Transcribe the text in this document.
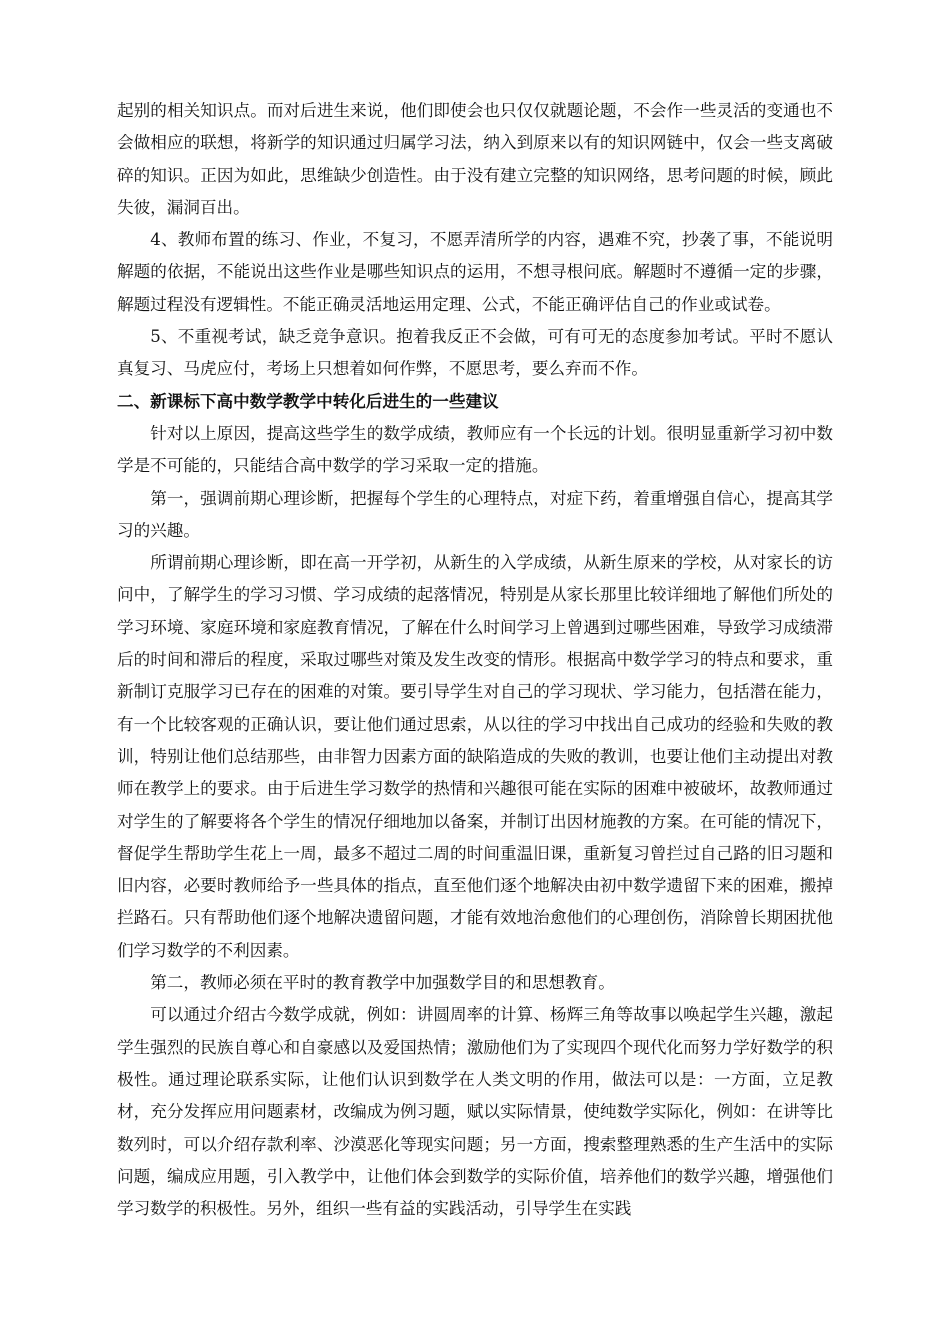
起别的相关知识点。而对后进生来说，他们即使会也只仅仅就题论题，不会作一些灵活的变通也不会做相应的联想，将新学的知识通过归属学习法，纳入到原来以有的知识网链中，仅会一些支离破碎的知识。正因为如此，思维缺少创造性。由于没有建立完整的知识网络，思考问题的时候，顾此失彼，漏洞百出。

4、教师布置的练习、作业，不复习，不愿弄清所学的内容，遇难不究，抄袭了事，不能说明解题的依据，不能说出这些作业是哪些知识点的运用，不想寻根问底。解题时不遵循一定的步骤，解题过程没有逻辑性。不能正确灵活地运用定理、公式，不能正确评估自己的作业或试卷。

5、不重视考试，缺乏竞争意识。抱着我反正不会做，可有可无的态度参加考试。平时不愿认真复习、马虎应付，考场上只想着如何作弊，不愿思考，要么弃而不作。

二、新课标下高中数学教学中转化后进生的一些建议

针对以上原因，提高这些学生的数学成绩，教师应有一个长远的计划。很明显重新学习初中数学是不可能的，只能结合高中数学的学习采取一定的措施。

第一，强调前期心理诊断，把握每个学生的心理特点，对症下药，着重增强自信心，提高其学习的兴趣。

所谓前期心理诊断，即在高一开学初，从新生的入学成绩，从新生原来的学校，从对家长的访问中，了解学生的学习习惯、学习成绩的起落情况，特别是从家长那里比较详细地了解他们所处的学习环境、家庭环境和家庭教育情况，了解在什么时间学习上曾遇到过哪些困难，导致学习成绩滞后的时间和滞后的程度，采取过哪些对策及发生改变的情形。根据高中数学学习的特点和要求，重新制订克服学习已存在的困难的对策。要引导学生对自己的学习现状、学习能力，包括潜在能力，有一个比较客观的正确认识，要让他们通过思索，从以往的学习中找出自己成功的经验和失败的教训，特别让他们总结那些，由非智力因素方面的缺陷造成的失败的教训，也要让他们主动提出对教师在教学上的要求。由于后进生学习数学的热情和兴趣很可能在实际的困难中被破坏，故教师通过对学生的了解要将各个学生的情况仔细地加以备案，并制订出因材施教的方案。在可能的情况下，督促学生帮助学生花上一周，最多不超过二周的时间重温旧课，重新复习曾拦过自己路的旧习题和旧内容，必要时教师给予一些具体的指点，直至他们逐个地解决由初中数学遗留下来的困难，搬掉拦路石。只有帮助他们逐个地解决遗留问题，才能有效地治愈他们的心理创伤，消除曾长期困扰他们学习数学的不利因素。

第二，教师必须在平时的教育教学中加强数学目的和思想教育。

可以通过介绍古今数学成就，例如：讲圆周率的计算、杨辉三角等故事以唤起学生兴趣，激起学生强烈的民族自尊心和自豪感以及爱国热情；激励他们为了实现四个现代化而努力学好数学的积极性。通过理论联系实际，让他们认识到数学在人类文明的作用，做法可以是：一方面，立足教材，充分发挥应用问题素材，改编成为例习题，赋以实际情景，使纯数学实际化，例如：在讲等比数列时，可以介绍存款利率、沙漠恶化等现实问题；另一方面，搜索整理熟悉的生产生活中的实际问题，编成应用题，引入教学中，让他们体会到数学的实际价值，培养他们的数学兴趣，增强他们学习数学的积极性。另外，组织一些有益的实践活动，引导学生在实践
